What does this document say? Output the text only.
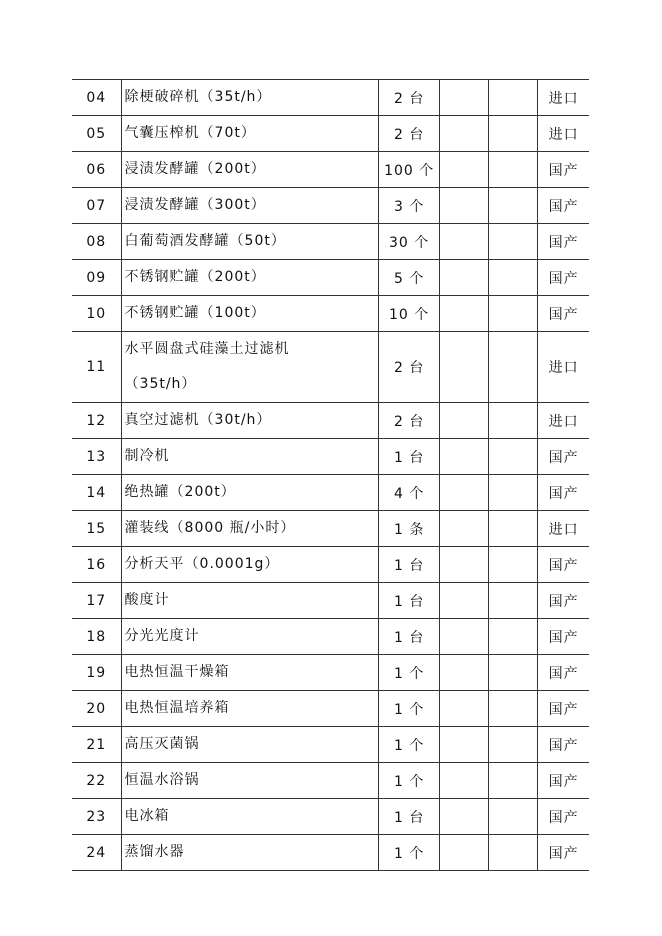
04	除梗破碎机（35t/h）	2 台			进口
05	气囊压榨机（70t）	2 台			进口
06	浸渍发酵罐（200t）	100 个			国产
07	浸渍发酵罐（300t）	3 个			国产
08	白葡萄酒发酵罐（50t）	30 个			国产
09	不锈钢贮罐（200t）	5 个			国产
10	不锈钢贮罐（100t）	10 个			国产
11	水平圆盘式硅藻土过滤机
（35t/h）	2 台			进口
12	真空过滤机（30t/h）	2 台			进口
13	制冷机	1 台			国产
14	绝热罐（200t）	4 个			国产
15	灌装线（8000 瓶/小时）	1 条			进口
16	分析天平（0.0001g）	1 台			国产
17	酸度计	1 台			国产
18	分光光度计	1 台			国产
19	电热恒温干燥箱	1 个			国产
20	电热恒温培养箱	1 个			国产
21	高压灭菌锅	1 个			国产
22	恒温水浴锅	1 个			国产
23	电冰箱	1 台			国产
24	蒸馏水器	1 个			国产
